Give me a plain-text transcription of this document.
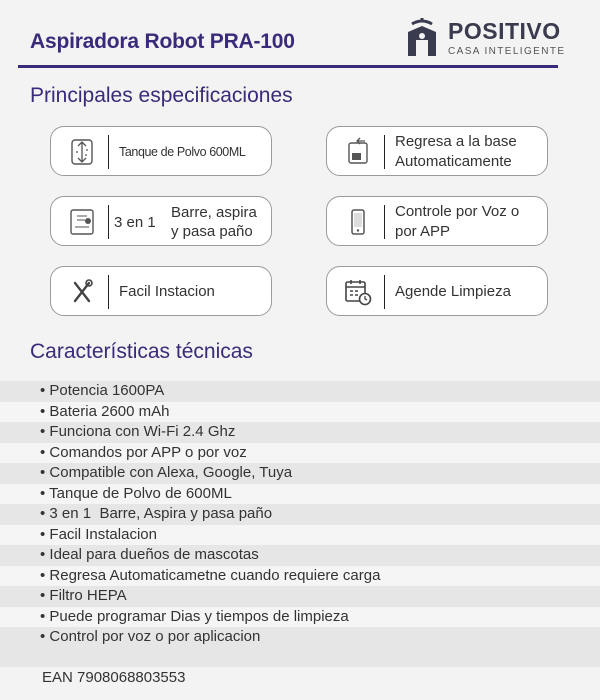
Aspiradora Robot PRA-100	POSITIVO
CASA INTELIGENTE
Principales especificaciones
Tanque de Polvo 600ML
Regresa a la base Automaticamente
3 en 1
Barre, aspira y pasa paño
Controle por Voz o por APP
Facil Instacion	Agende Limpieza
Características técnicas
• Potencia 1600PA
• Bateria 2600 mAh
• Funciona con Wi-Fi 2.4 Ghz
• Comandos por APP o por voz
• Compatible con Alexa, Google, Tuya
• Tanque de Polvo de 600ML
• 3 en 1  Barre, Aspira y pasa paño
• Facil Instalacion
• Ideal para dueños de mascotas
• Regresa Automaticametne cuando requiere carga
• Filtro HEPA
• Puede programar Dias y tiempos de limpieza
• Control por voz o por aplicacion
EAN 7908068803553
